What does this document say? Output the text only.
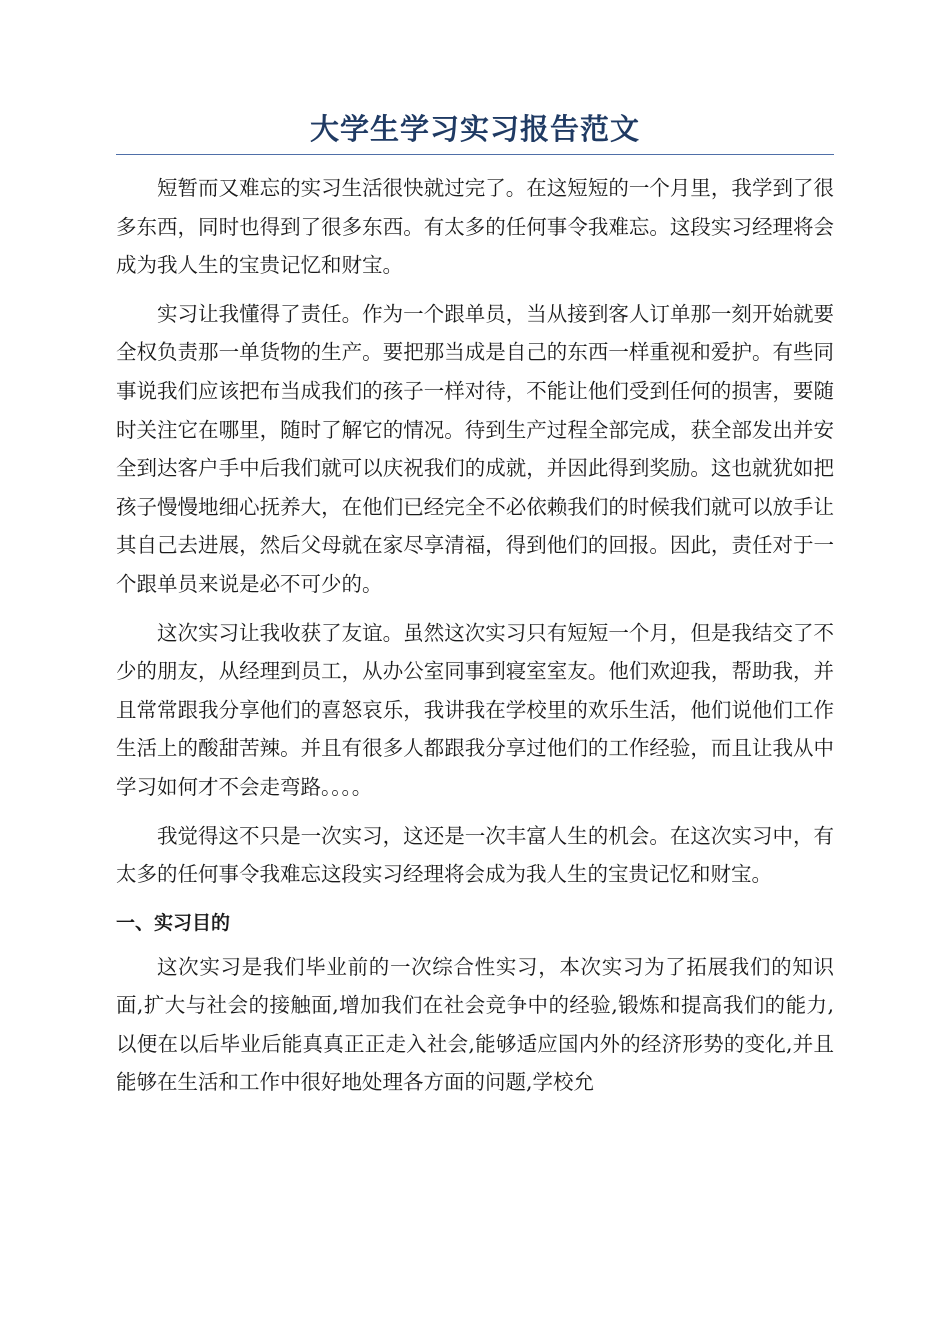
大学生学习实习报告范文

短暂而又难忘的实习生活很快就过完了。在这短短的一个月里，我学到了很多东西，同时也得到了很多东西。有太多的任何事令我难忘。这段实习经理将会成为我人生的宝贵记忆和财宝。

实习让我懂得了责任。作为一个跟单员，当从接到客人订单那一刻开始就要全权负责那一单货物的生产。要把那当成是自己的东西一样重视和爱护。有些同事说我们应该把布当成我们的孩子一样对待，不能让他们受到任何的损害，要随时关注它在哪里，随时了解它的情况。待到生产过程全部完成，获全部发出并安全到达客户手中后我们就可以庆祝我们的成就，并因此得到奖励。这也就犹如把孩子慢慢地细心抚养大，在他们已经完全不必依赖我们的时候我们就可以放手让其自己去进展，然后父母就在家尽享清福，得到他们的回报。因此，责任对于一个跟单员来说是必不可少的。

这次实习让我收获了友谊。虽然这次实习只有短短一个月，但是我结交了不少的朋友，从经理到员工，从办公室同事到寝室室友。他们欢迎我，帮助我，并且常常跟我分享他们的喜怒哀乐，我讲我在学校里的欢乐生活，他们说他们工作生活上的酸甜苦辣。并且有很多人都跟我分享过他们的工作经验，而且让我从中学习如何才不会走弯路。。。。

我觉得这不只是一次实习，这还是一次丰富人生的机会。在这次实习中，有太多的任何事令我难忘这段实习经理将会成为我人生的宝贵记忆和财宝。

一、实习目的

这次实习是我们毕业前的一次综合性实习，本次实习为了拓展我们的知识面,扩大与社会的接触面,增加我们在社会竞争中的经验,锻炼和提高我们的能力,以便在以后毕业后能真真正正走入社会,能够适应国内外的经济形势的变化,并且能够在生活和工作中很好地处理各方面的问题,学校允
